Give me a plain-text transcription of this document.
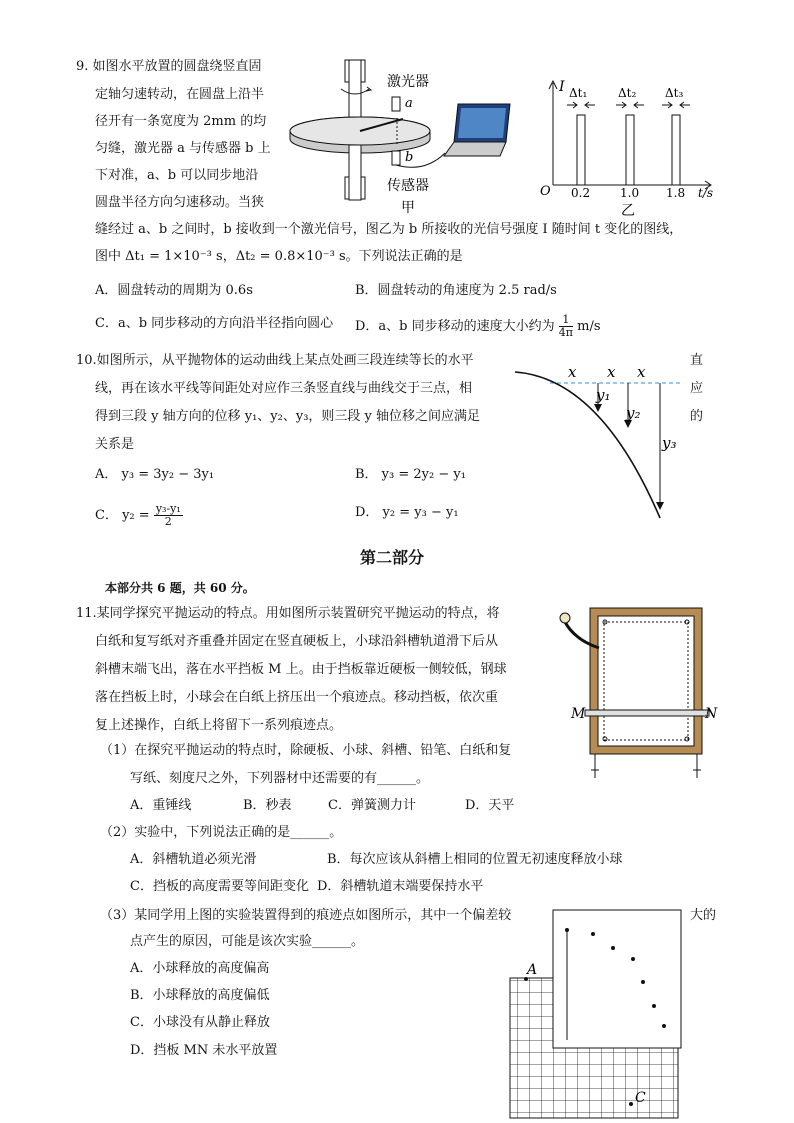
9. 如图水平放置的圆盘绕竖直固
定轴匀速转动，在圆盘上沿半
径开有一条宽度为 2mm 的均
匀缝，激光器 a 与传感器 b 上
下对准，a、b 可以同步地沿
圆盘半径方向匀速移动。当狭
缝经过 a、b 之间时，b 接收到一个激光信号，图乙为 b 所接收的光信号强度 I 随时间 t 变化的图线，
图中 Δt₁ = 1×10⁻³ s，Δt₂ = 0.8×10⁻³ s。下列说法正确的是
激光器
a
b
传感器
甲
I Δt₁	Δt₂ Δt₃
O 0.2 1.0 1.8 t/s
乙
A．圆盘转动的周期为 0.6s	B．圆盘转动的角速度为 2.5 rad/s
C．a、b 同步移动的方向沿半径指向圆心 D．a、b 同步移动的速度大小约为 $\frac{1}{4\pi} m/s$
10.如图所示，从平抛物体的运动曲线上某点处画三段连续等长的水平
线，再在该水平线等间距处对应作三条竖直线与曲线交于三点，相
得到三段 y 轴方向的位移 y₁、y₂、y₃，则三段 y 轴位移之间应满足
关系是
直
应
的
x x x
y₁
y₂
y₃
A． y₃ = 3y₂ − 3y₁	B． y₃ = 2y₂ − y₁
C． $y_2 = \frac{\text{y₃-y₁}}{2}$	D． y₂ = y₃ − y₁
第二部分
本部分共 6 题，共 60 分。
11.某同学探究平抛运动的特点。用如图所示装置研究平抛运动的特点，将
白纸和复写纸对齐重叠并固定在竖直硬板上，小球沿斜槽轨道滑下后从
斜槽末端飞出，落在水平挡板 M 上。由于挡板靠近硬板一侧较低，钢球
落在挡板上时，小球会在白纸上挤压出一个痕迹点。移动挡板，依次重
复上述操作，白纸上将留下一系列痕迹点。
M	N
（1）在探究平抛运动的特点时，除硬板、小球、斜槽、铅笔、白纸和复
写纸、刻度尺之外，下列器材中还需要的有______。
A．重锤线	B．秒表	C．弹簧测力计	D．天平
（2）实验中，下列说法正确的是______。
A．斜槽轨道必须光滑	B．每次应该从斜槽上相同的位置无初速度释放小球
C．挡板的高度需要等间距变化 D．斜槽轨道末端要保持水平
（3）某同学用上图的实验装置得到的痕迹点如图所示，其中一个偏差较	大的
点产生的原因，可能是该次实验______。
A．小球释放的高度偏高
B．小球释放的高度偏低
C．小球没有从静止释放
D．挡板 MN 未水平放置
A
C
